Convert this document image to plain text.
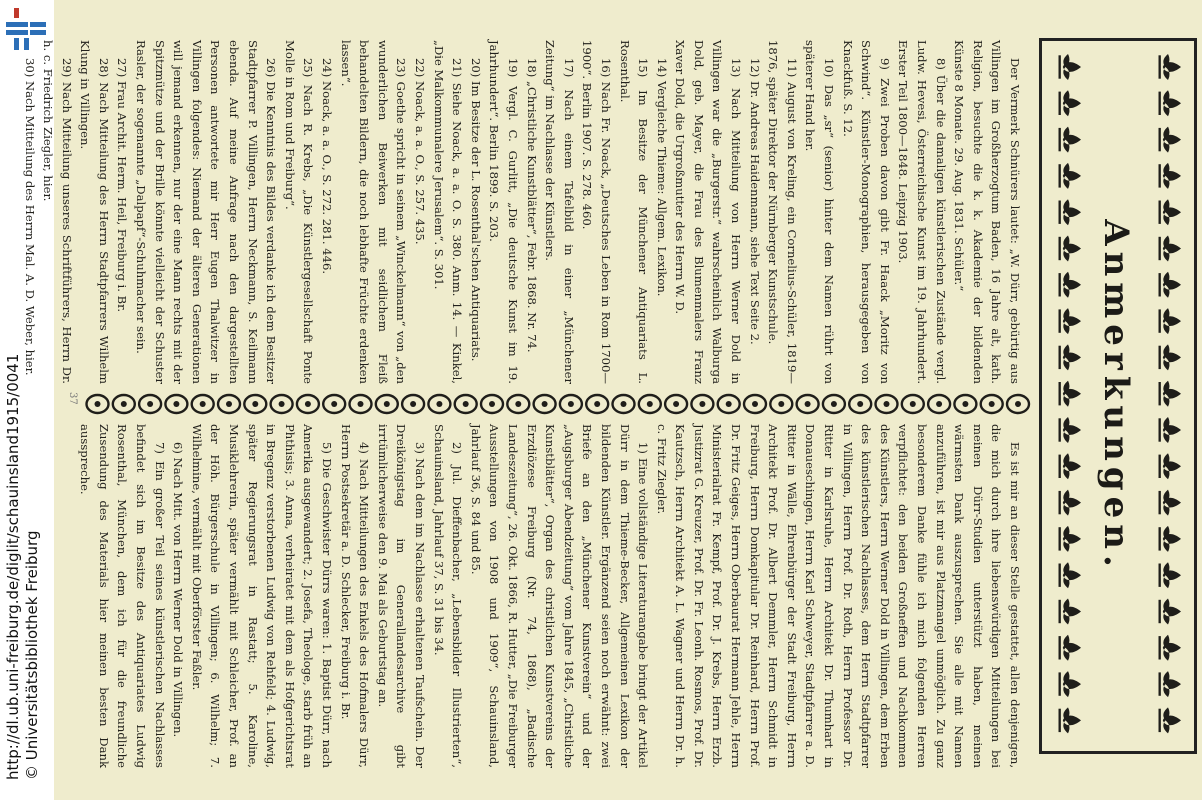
http://dl.ub.uni-freiburg.de/diglit/schauinsland1915/0041 © Universitätsbibliothek Freiburg
Anmerkungen.

Der Vermerk Schnürers lautet: „W. Dürr, gebürtig aus Villingen im Großherzogtum Baden, 16 Jahre alt, kath. Religion, besuchte die k. k. Akademie der bildenden Künste 8 Monate. 29. Aug. 1831. Schüler.“

8) Über die damaligen künstlerischen Zustände vergl. Ludw. Hevesi, Österreichische Kunst im 19. Jahrhundert. Erster Teil 1800—1848. Leipzig 1903.

9) Zwei Proben davon gibt Fr. Haack „Moritz von Schwind“. Künstler-Monographien, herausgegeben von Knackfuß. S. 12.

10) Das „sr“ (senior) hinter dem Namen rührt von späterer Hand her.

11) August von Kreling, ein Cornelius-Schüler, 1819—1876, später Direktor der Nürnberger Kunstschule.

12) Dr. Andreas Haidenmann, siehe Text Seite 2.

13) Nach Mitteilung von Herrn Werner Dold in Villingen war die „Burgerstr.“ wahrscheinlich Walburga Dold, geb. Mayer, die Frau des Blumenmalers Franz Xaver Dold, die Urgroßmutter des Herrn W. D.

14) Vergleiche Thieme: Allgem. Lexikon.

15) Im Besitze der Münchener Antiquariats L. Rosenthal.

16) Nach Fr. Noack, „Deutsches Leben in Rom 1700—1900“. Berlin 1907. S. 278. 460.

17) Nach einem Tafelbild in einer „Münchener Zeitung“ im Nachlasse der Künstlers.

18) „Christliche Kunstblätter“, Febr. 1868. Nr. 74.

19) Vergl. C. Gurlitt, „Die deutsche Kunst im 19. Jahrhundert“. Berlin 1899. S. 203.

20) Im Besitze der L. Rosenthal'schen Antiquariats.

21) Siehe Noack, a. a. O. S. 380. Anm. 14. — Kinkel, „Die Malkommunalere Jerusalem“. S. 301.

22) Noack, a. a. O., S. 257. 435.

23) Goethe spricht in seinem „Winckelmann“ von „den wunderlichen Beiwerken mit seidlichem Fleiß behandelten Bildern, die noch lebhafte Früchte erdenken lassen“.

24) Noack, a. a. O., S. 272. 281. 446.

25) Nach R. Krebs, „Die Künstlergesellschaft Ponte Molle in Rom und Freiburg“.

26) Die Kenntnis des Bildes verdanke ich dem Besitzer Stadtpfarrer P. Villingen, Herrn Neckmann, S. Keilmann ebenda. Auf meine Anfrage nach den dargestellten Personen antwortete mir Herr Eugen Thalwitzer in Villingen folgendes: Niemand der älteren Generationen will jemand erkennen, nur der eine Mann rechts mit der Spitzmütze und der Brille könnte vielleicht der Schuster Rasler, der sogenannte „Dalpapf“-Schuhmacher sein.

27) Frau Archit. Herm. Heil, Freiburg i. Br.

28) Nach Mitteilung des Herrn Stadtpfarrers Wilhelm Klung in Villingen.

29) Nach Mitteilung unseres Schriftführers, Herrn Dr. h. c. Friedrich Ziegler, hier.

30) Nach Mitteilung des Herrn Mal. A. D. Weber, hier.

Es ist mir an dieser Stelle gestattet, allen denjenigen, die mich durch ihre liebenswürdigen Mitteilungen bei meinen Dürr-Studien unterstützt haben, meinen wärmsten Dank auszusprechen. Sie alle mit Namen anzuführen, ist mir aus Platzmangel unmöglich. Zu ganz besonderem Danke fühle ich mich folgenden Herren verpflichtet: den beiden Großneffen und Nachkommen des Künstlers, Herrn Werner Dold in Villingen, dem Erben des künstlerischen Nachlasses, dem Herrn Stadtpfarrer in Villingen, Herrn Prof. Dr. Roth, Herrn Professor Dr. Ritter in Karlsruhe, Herrn Architekt Dr. Thumhart in Donaueschingen, Herrn Karl Schweyer, Stadtpfarrer a. D. Ritter in Wälle, Ehrenbürger der Stadt Freiburg, Herrn Architekt Prof. Dr. Albert Demmler, Herrn Schmidt in Freiburg, Herrn Domkapitular Dr. Reinhard, Herrn Prof. Dr. Fritz Geiges, Herrn Oberbaurat Hermann Jehle, Herrn Ministerialrat Fr. Kempf, Prof. Dr. J. Krebs, Herrn Erzb. Justizrat G. Kreuzer, Prof. Dr. Fr. Leonh. Rosmos, Prof. Dr. Kautzsch, Herrn Architekt A. L. Wagner und Herrn Dr. h. c. Fritz Ziegler.

1) Eine vollständige Literaturangabe bringt der Artikel Dürr in dem Thieme-Becker, Allgemeinen Lexikon der bildenden Künstler. Ergänzend seien noch erwähnt: zwei Briefe an den „Münchener Kunstverein“ und der „Augsburger Abendzeitung“ vom Jahre 1845, „Christliche Kunstblätter“, Organ des christlichen Kunstvereins der Erzdiözese Freiburg (Nr. 74, 1868), „Badische Landeszeitung“, 26. Okt. 1866, R. Hutter, „Die Freiburger Ausstellungen von 1908 und 1909“, Schauinsland, Jahrlauf 36, S. 84 und 85.

2) Jul. Dieffenbacher, „Lebensbilder Illustrierten“, Schauinsland, Jahrlauf 37, S. 31 bis 34.

3) Nach dem im Nachlasse erhaltenen Taufschein. Der Dreikönigstag im Generallandesarchive gibt irrtümlicherweise den 9. Mai als Geburtstag an.

4) Nach Mitteilungen des Enkels des Hofmalers Dürr, Herrn Postsekretär a. D. Schlecker, Freiburg i. Br.

5) Die Geschwister Dürrs waren: 1. Baptist Dürr, nach Amerika ausgewandert; 2. Josefa, Theologe, starb früh an Phthisis; 3. Anna, verheiratet mit dem als Hofgerichtsrat in Bregenz verstorbenen Ludwig von Rehfeld; 4. Ludwig, später Regierungsrat in Rastatt; 5. Karoline, Musiklehrerin, später vermählt mit Schleicher, Prof. an der Höh. Bürgerschule in Villingen; 6. Wilhelm; 7. Wilhelmine, vermählt mit Oberförster Faßler.

6) Nach Mitt. von Herrn Werner Dold in Villingen.

7) Ein großer Teil seines künstlerischen Nachlasses befindet sich im Besitze des Antiquariates Ludwig Rosenthal, München, dem ich für die freundliche Zusendung des Materials hier meinen besten Dank ausspreche.

37
